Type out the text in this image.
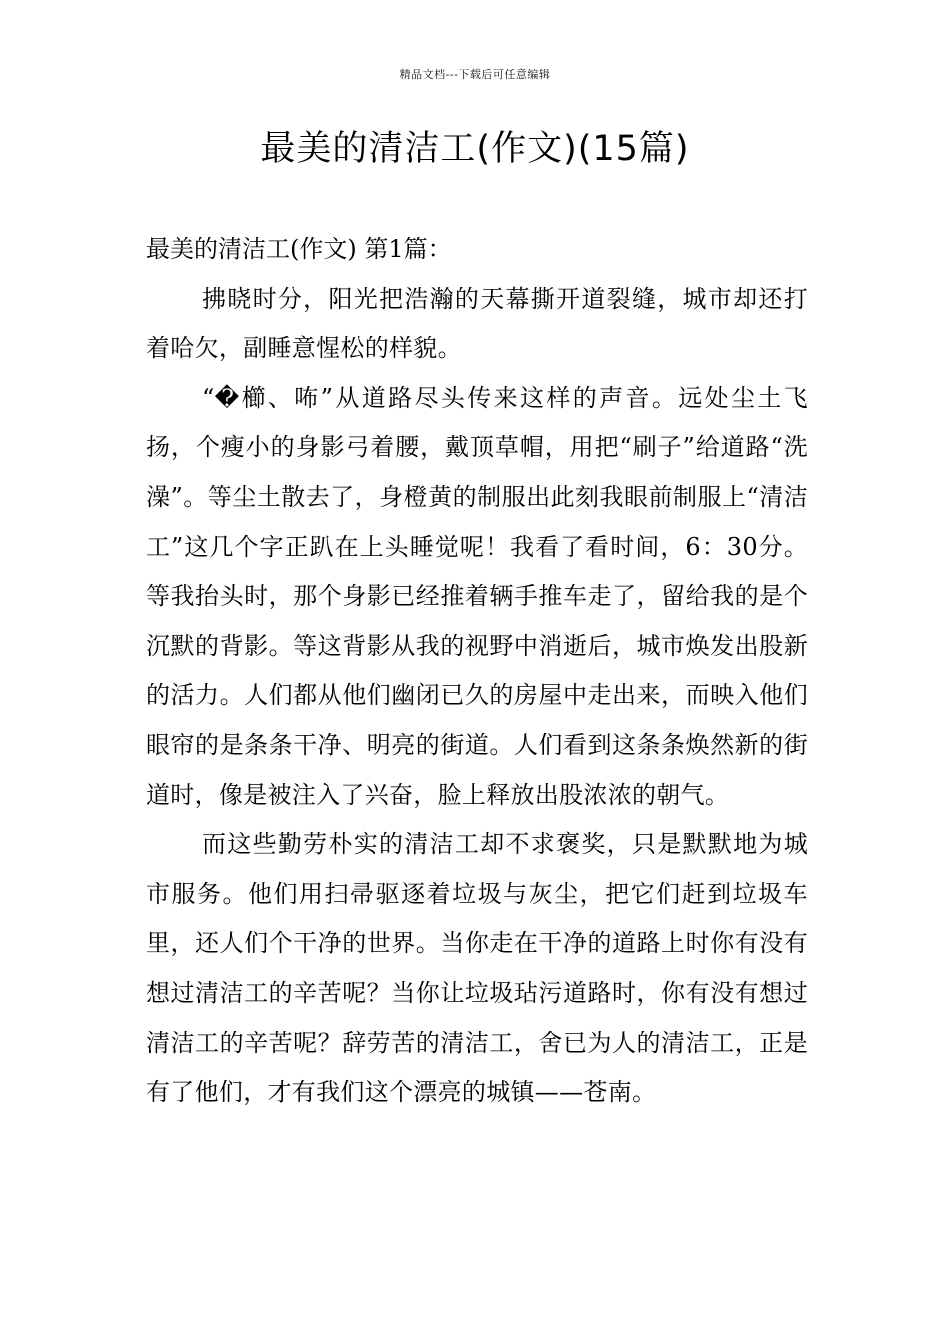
精品文档---下载后可任意编辑
最美的清洁工(作文)(15篇)

最美的清洁工(作文) 第1篇：

拂晓时分，阳光把浩瀚的天幕撕开道裂缝，城市却还打着哈欠，副睡意惺松的样貌。

“�櫛、咘”从道路尽头传来这样的声音。远处尘土飞扬，个瘦小的身影弓着腰，戴顶草帽，用把“刷子”给道路“洗澡”。等尘土散去了，身橙黄的制服出此刻我眼前制服上“清洁工”这几个字正趴在上头睡觉呢！我看了看时间，6：30分。等我抬头时，那个身影已经推着辆手推车走了，留给我的是个沉默的背影。等这背影从我的视野中消逝后，城市焕发出股新的活力。人们都从他们幽闭已久的房屋中走出来，而映入他们眼帘的是条条干净、明亮的街道。人们看到这条条焕然新的街道时，像是被注入了兴奋，脸上释放出股浓浓的朝气。

而这些勤劳朴实的清洁工却不求褒奖，只是默默地为城市服务。他们用扫帚驱逐着垃圾与灰尘，把它们赶到垃圾车里，还人们个干净的世界。当你走在干净的道路上时你有没有想过清洁工的辛苦呢？当你让垃圾玷污道路时，你有没有想过清洁工的辛苦呢？辞劳苦的清洁工，舍已为人的清洁工，正是有了他们，才有我们这个漂亮的城镇——苍南。
